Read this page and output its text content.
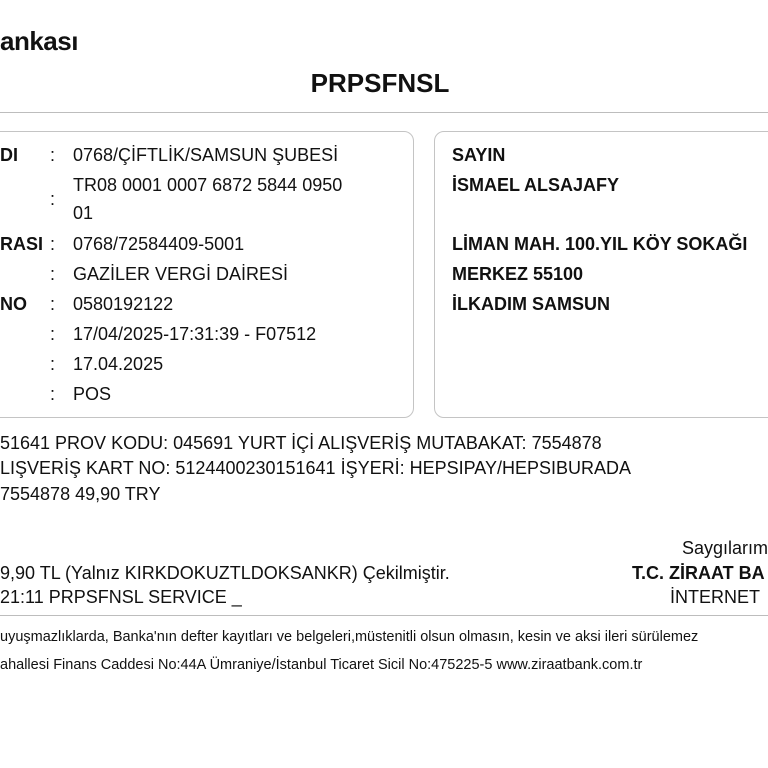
ankası
PRPSFNSL
DI : 0768/ÇİFTLİK/SAMSUN ŞUBESİ
:
TR08 0001 0007 6872 5844 0950
01
RASI : 0768/72584409-5001
: GAZİLER VERGİ DAİRESİ
NO : 0580192122
: 17/04/2025-17:31:39 - F07512
: 17.04.2025
: POS
SAYIN
İSMAEL ALSAJAFY
LİMAN MAH. 100.YIL KÖY SOKAĞI
MERKEZ 55100
İLKADIM SAMSUN
51641 PROV KODU: 045691 YURT İÇİ ALIŞVERİŞ MUTABAKAT: 7554878
LIŞVERİŞ KART NO: 5124400230151641 İŞYERİ: HEPSIPAY/HEPSIBURADA
7554878 49,90 TRY
Saygılarım
9,90 TL (Yalnız KIRKDOKUZTLDOKSANKR) Çekilmiştir.	T.C. ZİRAAT BA
21:11 PRPSFNSL SERVICE _	İNTERNET
uyuşmazlıklarda, Banka'nın defter kayıtları ve belgeleri,müstenitli olsun olmasın, kesin ve aksi ileri sürülemez
ahallesi Finans Caddesi No:44A Ümraniye/İstanbul Ticaret Sicil No:475225-5 www.ziraatbank.com.tr
